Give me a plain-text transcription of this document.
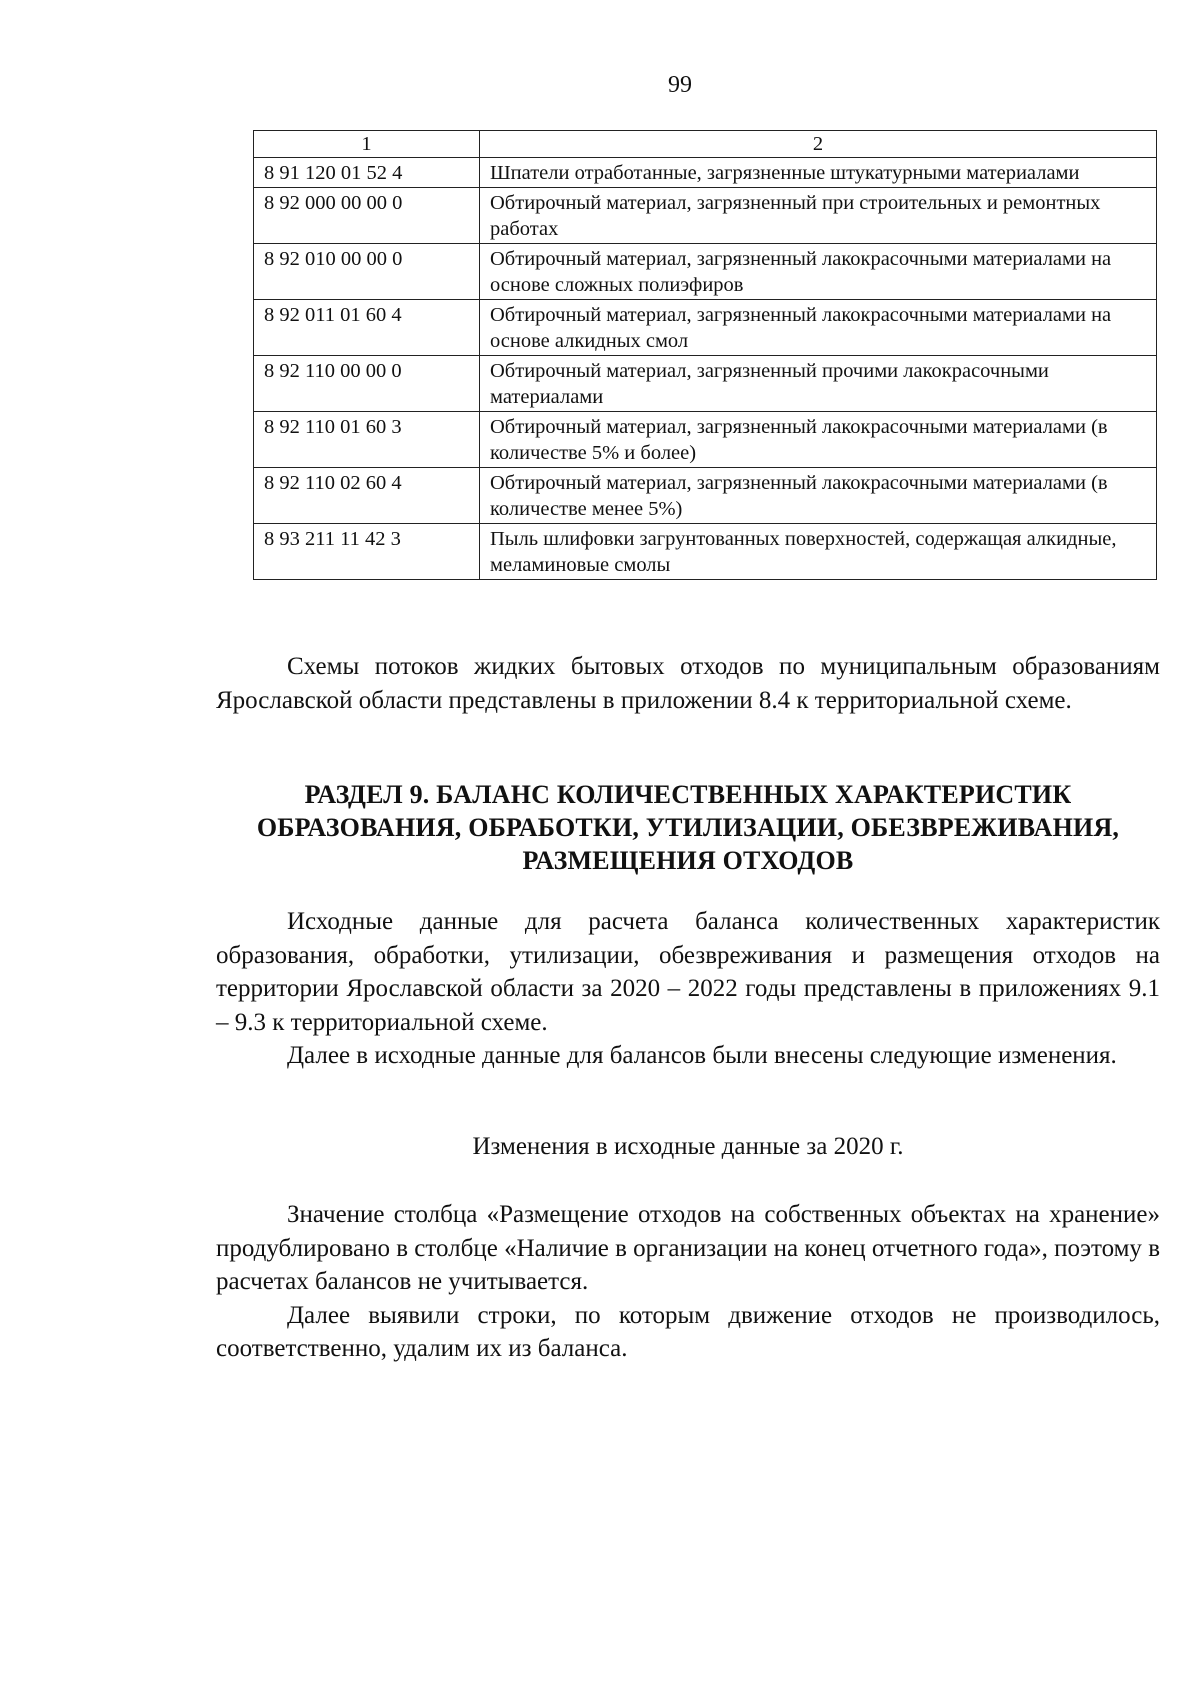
99
1	2
8 91 120 01 52 4	Шпатели отработанные, загрязненные штукатурными материалами
8 92 000 00 00 0	Обтирочный материал, загрязненный при строительных и ремонтных работах
8 92 010 00 00 0	Обтирочный материал, загрязненный лакокрасочными материалами на основе сложных полиэфиров
8 92 011 01 60 4	Обтирочный материал, загрязненный лакокрасочными материалами на основе алкидных смол
8 92 110 00 00 0	Обтирочный материал, загрязненный прочими лакокрасочными материалами
8 92 110 01 60 3	Обтирочный материал, загрязненный лакокрасочными материалами (в количестве 5% и более)
8 92 110 02 60 4	Обтирочный материал, загрязненный лакокрасочными материалами (в количестве менее 5%)
8 93 211 11 42 3	Пыль шлифовки загрунтованных поверхностей, содержащая алкидные, меламиновые смолы

Схемы потоков жидких бытовых отходов по муниципальным образованиям Ярославской области представлены в приложении 8.4 к территориальной схеме.

РАЗДЕЛ 9. БАЛАНС КОЛИЧЕСТВЕННЫХ ХАРАКТЕРИСТИК ОБРАЗОВАНИЯ, ОБРАБОТКИ, УТИЛИЗАЦИИ, ОБЕЗВРЕЖИВАНИЯ, РАЗМЕЩЕНИЯ ОТХОДОВ

Исходные данные для расчета баланса количественных характеристик образования, обработки, утилизации, обезвреживания и размещения отходов на территории Ярославской области за 2020 – 2022 годы представлены в приложениях 9.1 – 9.3 к территориальной схеме.

Далее в исходные данные для балансов были внесены следующие изменения.

Изменения в исходные данные за 2020 г.

Значение столбца «Размещение отходов на собственных объектах на хранение» продублировано в столбце «Наличие в организации на конец отчетного года», поэтому в расчетах балансов не учитывается.

Далее выявили строки, по которым движение отходов не производилось, соответственно, удалим их из баланса.
